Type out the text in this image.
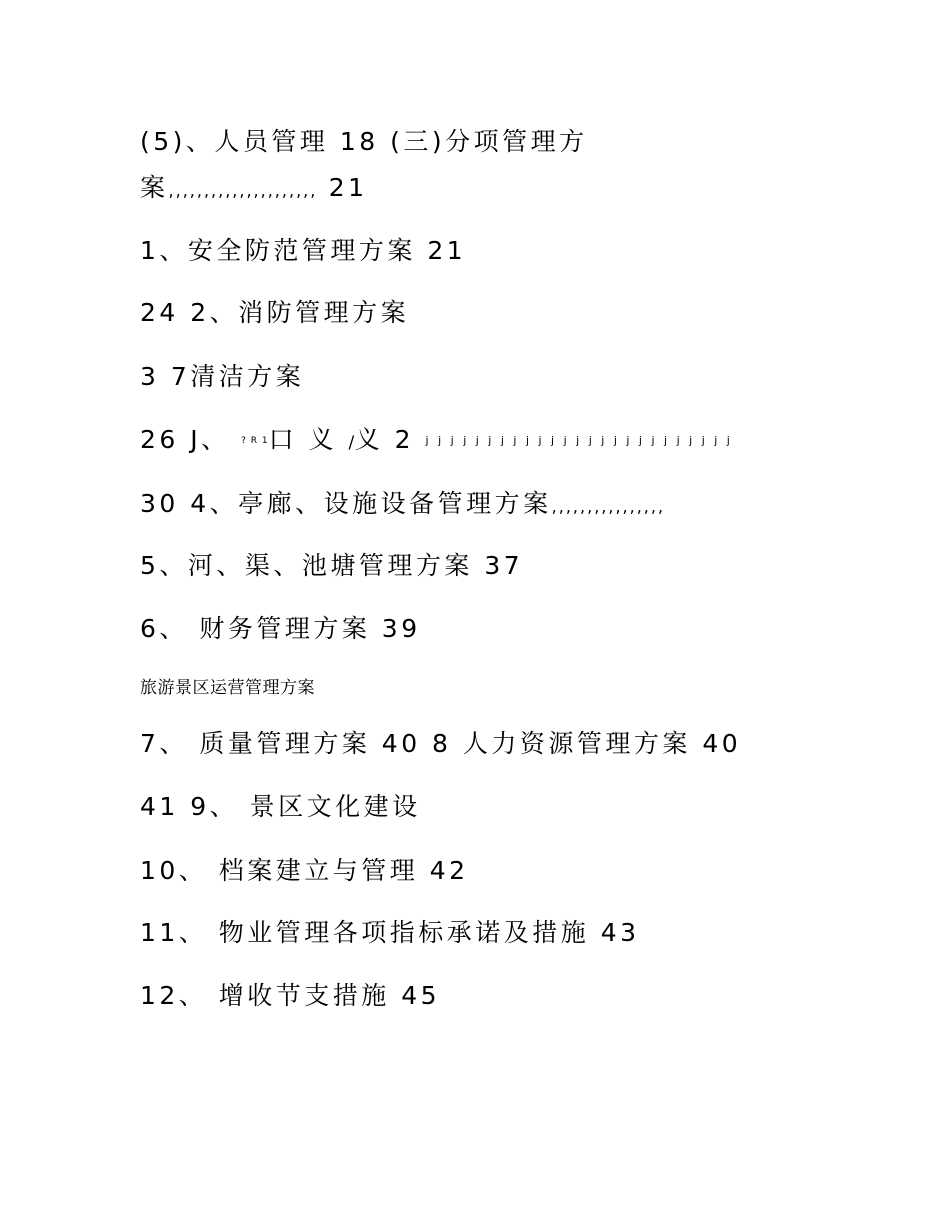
(5)、人员管理 18 (三)分项管理方
案,,,,,,,,,,,,,,,,,,,,, 21
1、安全防范管理方案 21
24 2、消防管理方案
3 7清洁方案
26 J、 ? R 1口 义 /义 2 j j j j j j j j j j j j j j j j j j j j j j j j j
30 4、亭廊、设施设备管理方案,,,,,,,,,,,,,,,,
5、河、渠、池塘管理方案 37
6、 财务管理方案 39
旅游景区运营管理方案
7、 质量管理方案 40 8 人力资源管理方案 40
41 9、 景区文化建设
10、 档案建立与管理 42
11、 物业管理各项指标承诺及措施 43
12、 增收节支措施 45
